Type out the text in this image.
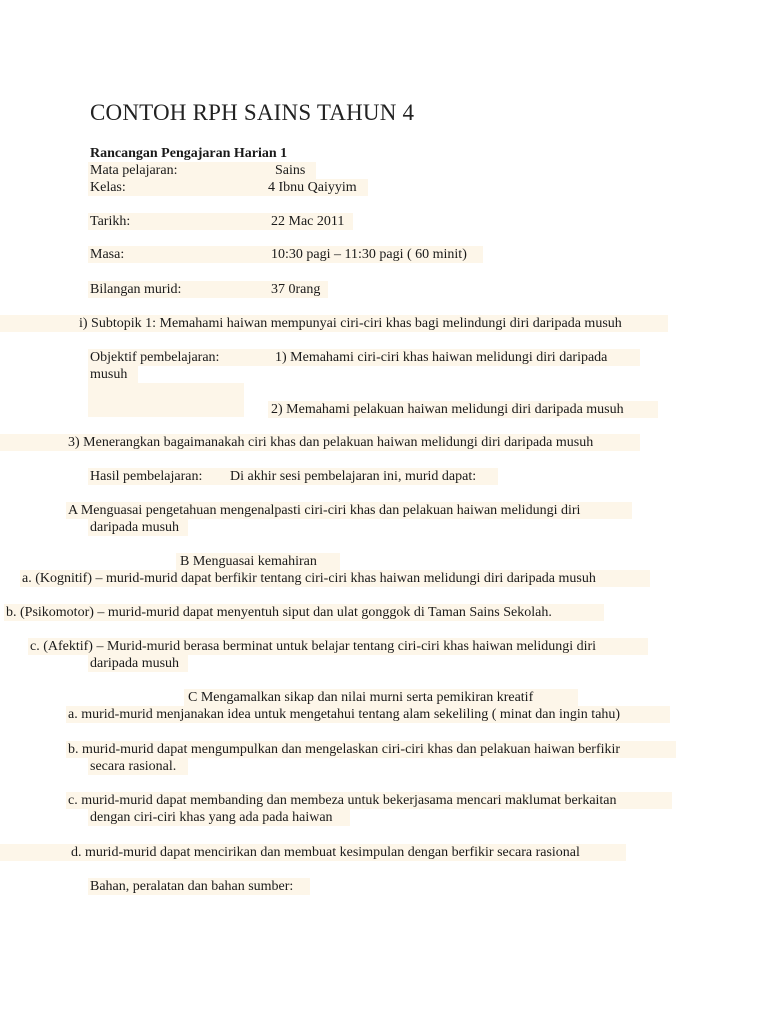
CONTOH RPH SAINS TAHUN 4
Rancangan Pengajaran Harian 1
Mata pelajaran:	Sains
Kelas:	4 Ibnu Qaiyyim
Tarikh:	22 Mac 2011
Masa:	10:30 pagi – 11:30 pagi ( 60 minit)
Bilangan murid:	37 0rang
i) Subtopik 1: Memahami haiwan mempunyai ciri-ciri khas bagi melindungi diri daripada musuh
Objektif pembelajaran:	1) Memahami ciri-ciri khas haiwan melidungi diri daripada
musuh
2) Memahami pelakuan haiwan melidungi diri daripada musuh
3) Menerangkan bagaimanakah ciri khas dan pelakuan haiwan melidungi diri daripada musuh
Hasil pembelajaran: Di akhir sesi pembelajaran ini, murid dapat:
A Menguasai pengetahuan mengenalpasti ciri-ciri khas dan pelakuan haiwan melidungi diri
daripada musuh
B Menguasai kemahiran
a. (Kognitif) – murid-murid dapat berfikir tentang ciri-ciri khas haiwan melidungi diri daripada musuh
b. (Psikomotor) – murid-murid dapat menyentuh siput dan ulat gonggok di Taman Sains Sekolah.
c. (Afektif) – Murid-murid berasa berminat untuk belajar tentang ciri-ciri khas haiwan melidungi diri
daripada musuh
C Mengamalkan sikap dan nilai murni serta pemikiran kreatif
a. murid-murid menjanakan idea untuk mengetahui tentang alam sekeliling ( minat dan ingin tahu)
b. murid-murid dapat mengumpulkan dan mengelaskan ciri-ciri khas dan pelakuan haiwan berfikir
secara rasional.
c. murid-murid dapat membanding dan membeza untuk bekerjasama mencari maklumat berkaitan
dengan ciri-ciri khas yang ada pada haiwan
d. murid-murid dapat mencirikan dan membuat kesimpulan dengan berfikir secara rasional
Bahan, peralatan dan bahan sumber:
